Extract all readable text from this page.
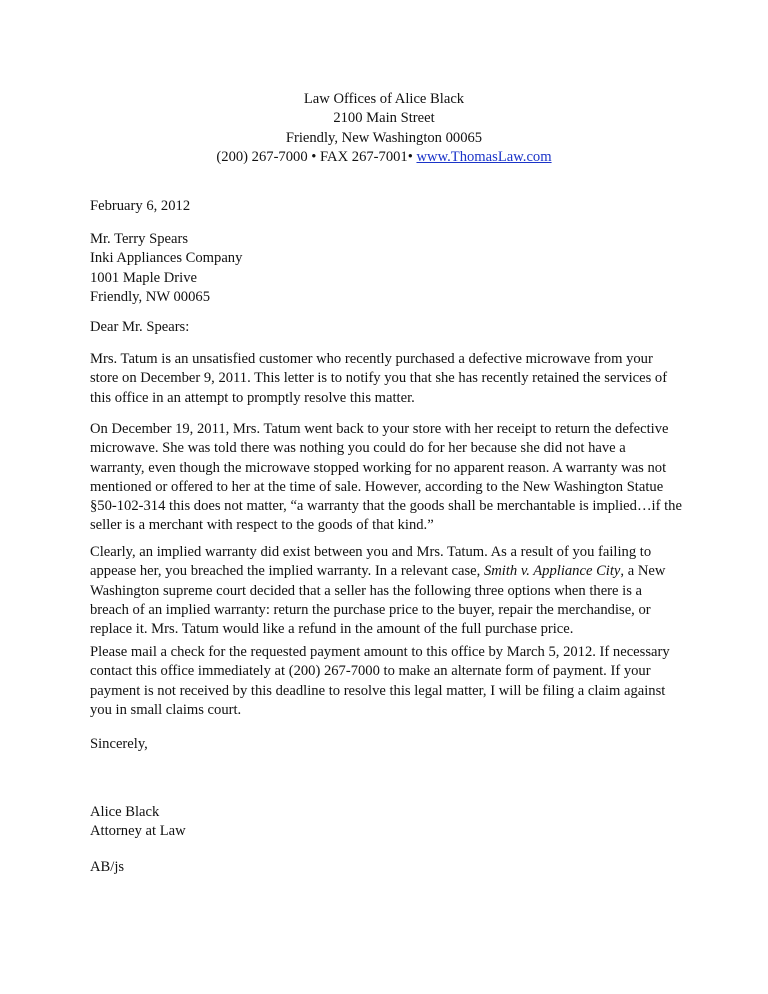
Law Offices of Alice Black
2100 Main Street
Friendly, New Washington 00065
(200) 267-7000 • FAX 267-7001• www.ThomasLaw.com
February 6, 2012
Mr. Terry Spears
Inki Appliances Company
1001 Maple Drive
Friendly, NW 00065
Dear Mr. Spears:

Mrs. Tatum is an unsatisfied customer who recently purchased a defective microwave from your store on December 9, 2011. This letter is to notify you that she has recently retained the services of this office in an attempt to promptly resolve this matter.

On December 19, 2011, Mrs. Tatum went back to your store with her receipt to return the defective microwave. She was told there was nothing you could do for her because she did not have a warranty, even though the microwave stopped working for no apparent reason. A warranty was not mentioned or offered to her at the time of sale. However, according to the New Washington Statue §50-102-314 this does not matter, “a warranty that the goods shall be merchantable is implied…if the seller is a merchant with respect to the goods of that kind.”

Clearly, an implied warranty did exist between you and Mrs. Tatum. As a result of you failing to appease her, you breached the implied warranty. In a relevant case, Smith v. Appliance City, a New Washington supreme court decided that a seller has the following three options when there is a breach of an implied warranty: return the purchase price to the buyer, repair the merchandise, or replace it. Mrs. Tatum would like a refund in the amount of the full purchase price.

Please mail a check for the requested payment amount to this office by March 5, 2012. If necessary contact this office immediately at (200) 267-7000 to make an alternate form of payment. If your payment is not received by this deadline to resolve this legal matter, I will be filing a claim against you in small claims court.

Sincerely,
Alice Black
Attorney at Law
AB/js
